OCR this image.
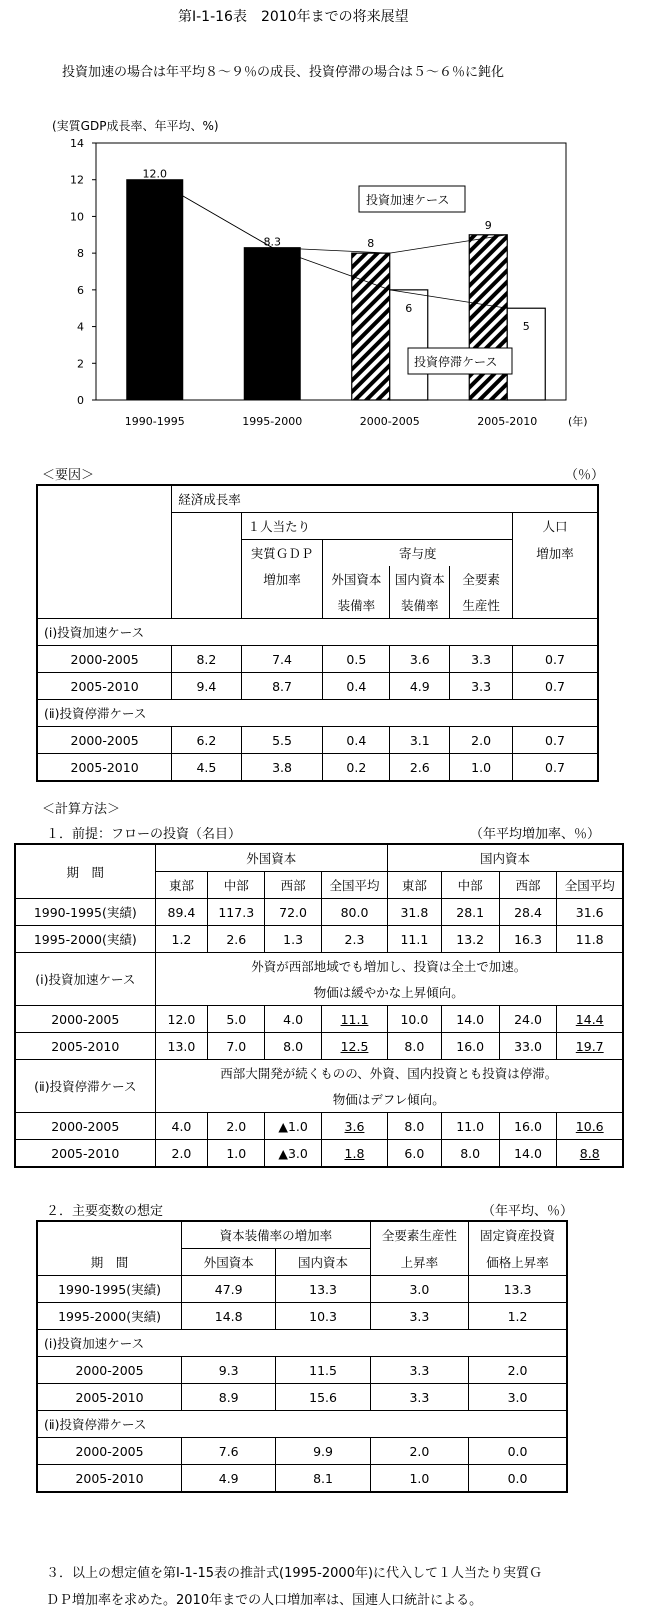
第Ⅰ-1-16表　2010年までの将来展望
投資加速の場合は年平均８～９％の成長、投資停滞の場合は５～６％に鈍化
(実質GDP成長率、年平均、%)
0
2
4
6
8
10
12
14
1990-1995	1995-2000	2000-2005	2005-2010	(年)
12.0
8.3	8
6
9
5
投資加速ケース
投資停滞ケース
＜要因＞	（％）
	経済成長率					
		１人当たり				人口
		実質ＧＤＰ	寄与度			増加率
		増加率	外国資本	国内資本	全要素	
			装備率	装備率	生産性	
(ⅰ)投資加速ケース						
2000-2005	8.2	7.4	0.5	3.6	3.3	0.7
2005-2010	9.4	8.7	0.4	4.9	3.3	0.7
(ⅱ)投資停滞ケース						
2000-2005	6.2	5.5	0.4	3.1	2.0	0.7
2005-2010	4.5	3.8	0.2	2.6	1.0	0.7
＜計算方法＞
１．前提：フローの投資（名目）	（年平均増加率、％）
期　間	外国資本				国内資本			
	東部	中部	西部	全国平均	東部	中部	西部	全国平均
1990-1995(実績)	89.4	117.3	72.0	80.0	31.8	28.1	28.4	31.6
1995-2000(実績)	1.2	2.6	1.3	2.3	11.1	13.2	16.3	11.8
(ⅰ)投資加速ケース	外資が西部地域でも増加し、投資は全土で加速。							
	物価は緩やかな上昇傾向。							
2000-2005	12.0	5.0	4.0	11.1	10.0	14.0	24.0	14.4
2005-2010	13.0	7.0	8.0	12.5	8.0	16.0	33.0	19.7
(ⅱ)投資停滞ケース	西部大開発が続くものの、外資、国内投資とも投資は停滞。							
	物価はデフレ傾向。							
2000-2005	4.0	2.0	▲1.0	3.6	8.0	11.0	16.0	10.6
2005-2010	2.0	1.0	▲3.0	1.8	6.0	8.0	14.0	8.8
２．主要変数の想定	（年平均、％）
	資本装備率の増加率		全要素生産性	固定資産投資
期　間	外国資本	国内資本	上昇率	価格上昇率
1990-1995(実績)	47.9	13.3	3.0	13.3
1995-2000(実績)	14.8	10.3	3.3	1.2
(ⅰ)投資加速ケース				
2000-2005	9.3	11.5	3.3	2.0
2005-2010	8.9	15.6	3.3	3.0
(ⅱ)投資停滞ケース				
2000-2005	7.6	9.9	2.0	0.0
2005-2010	4.9	8.1	1.0	0.0
３．以上の想定値を第Ⅰ-1-15表の推計式(1995-2000年)に代入して１人当たり実質Ｇ
ＤＰ増加率を求めた。2010年までの人口増加率は、国連人口統計による。
